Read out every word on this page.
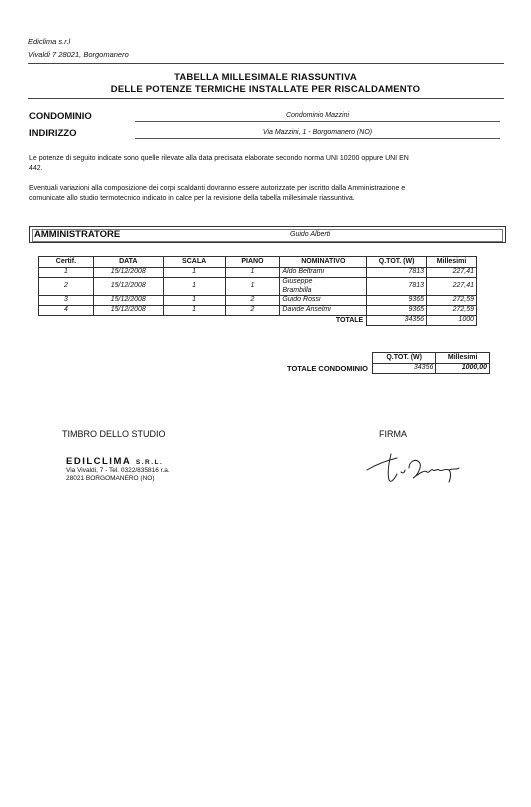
Ediclima s.r.l
Vivaldi 7 28021, Borgomanero
TABELLA MILLESIMALE RIASSUNTIVA
DELLE POTENZE TERMICHE INSTALLATE PER RISCALDAMENTO
CONDOMINIO	Condominio Mazzini
INDIRIZZO	Via Mazzini, 1 - Borgomanero (NO)
Le potenze di seguito indicate sono quelle rilevate alla data precisata elaborate secondo norma UNI 10200 oppure UNI EN
442.
Eventuali variazioni alla composizione dei corpi scaldanti dovranno essere autorizzate per iscritto dalla Amministrazione e
comunicate allo studio termotecnico indicato in calce per la revisione della tabella millesimale riassuntiva.
AMMINISTRATORE	Guido Alberti
Certif.	DATA	SCALA	PIANO	NOMINATIVO	Q.TOT. (W)	Millesimi
1	15/12/2008	1	1	Aldo Beltrami	7813	227,41
2	15/12/2008	1	1	Giuseppe
Brambilla	7813	227,41
3	15/12/2008	1	2	Guido Rossi	9365	272,59
4	15/12/2008	1	2	Davide Anselmi	9365	272,59
TOTALE					34356	1000
Q.TOT. (W)	Millesimi
34356	1000,00
TOTALE CONDOMINIO
TIMBRO DELLO STUDIO	FIRMA
EDILCLIMA S.R.L.
Via Vivaldi, 7 - Tel. 0322/835816 r.a.
28021 BORGOMANERO (NO)
